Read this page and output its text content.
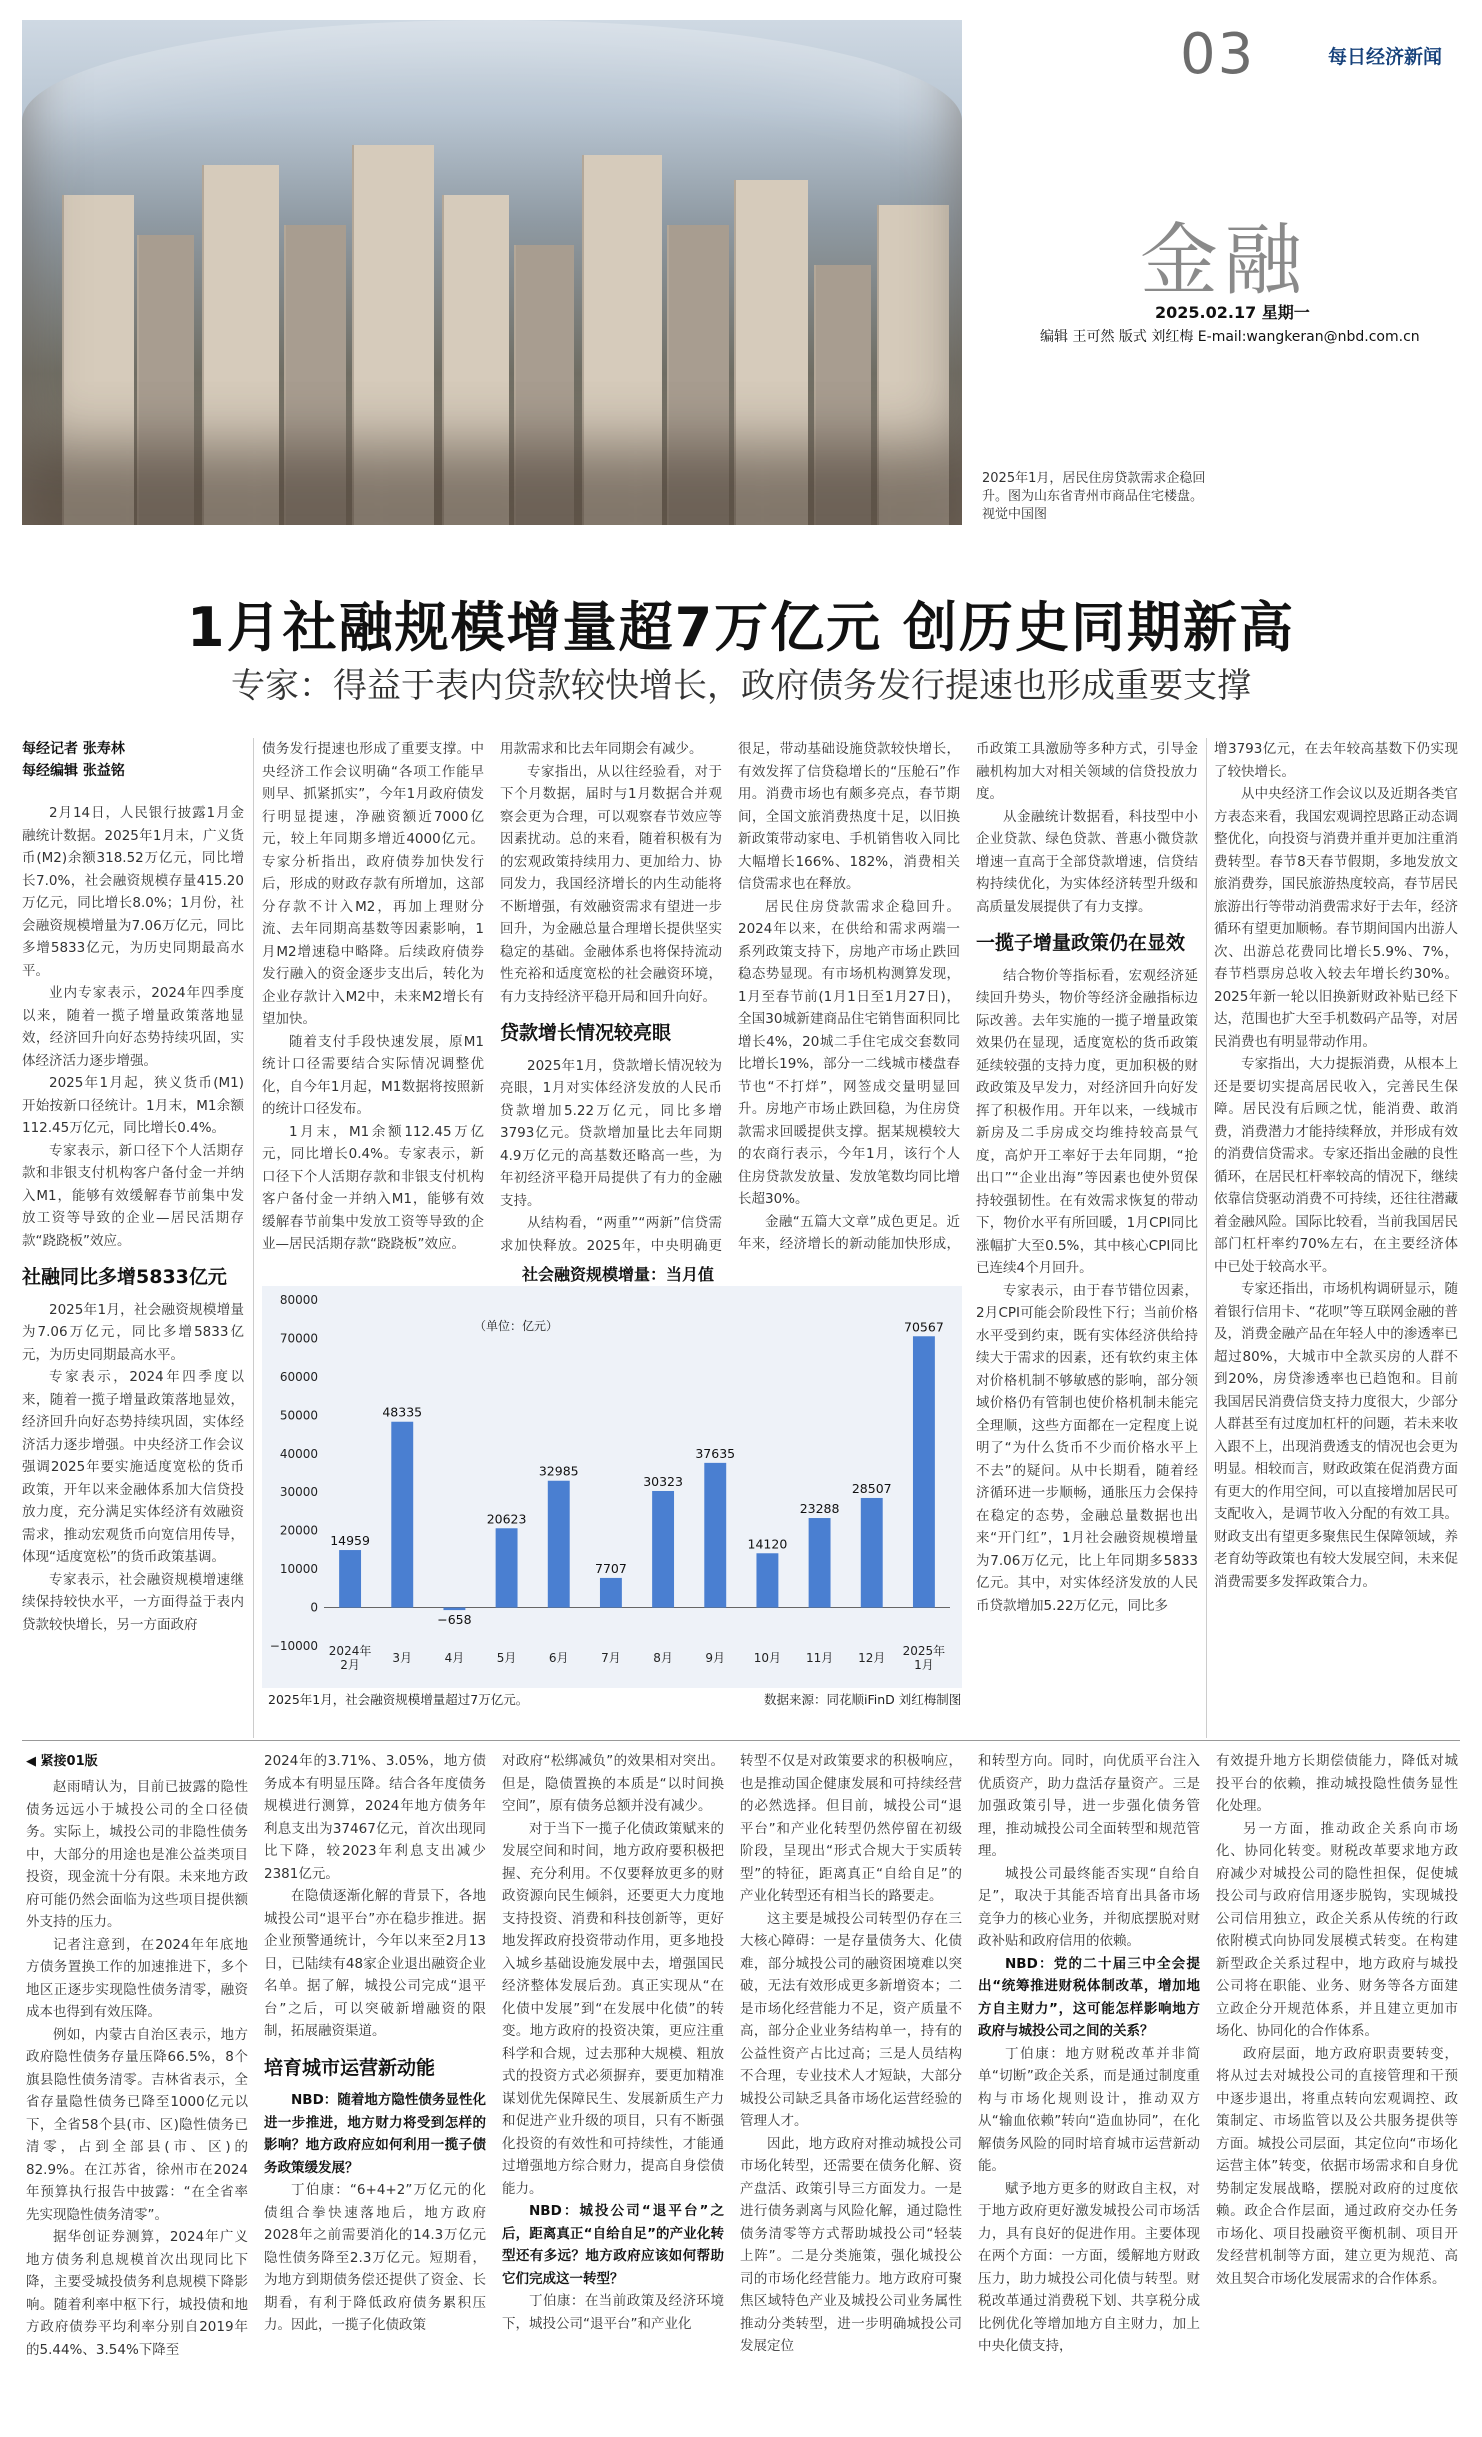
03	每日经济新闻
金融
2025.02.17 星期一
编辑 王可然 版式 刘红梅 E-mail:wangkeran@nbd.com.cn
2025年1月，居民住房贷款需求企稳回升。图为山东省青州市商品住宅楼盘。 视觉中国图
1月社融规模增量超7万亿元 创历史同期新高
专家：得益于表内贷款较快增长，政府债务发行提速也形成重要支撑
每经记者 张寿林
每经编辑 张益铭

2月14日，人民银行披露1月金融统计数据。2025年1月末，广义货币(M2)余额318.52万亿元，同比增长7.0%，社会融资规模存量415.20万亿元，同比增长8.0%；1月份，社会融资规模增量为7.06万亿元，同比多增5833亿元，为历史同期最高水平。

业内专家表示，2024年四季度以来，随着一揽子增量政策落地显效，经济回升向好态势持续巩固，实体经济活力逐步增强。

2025年1月起，狭义货币(M1)开始按新口径统计。1月末，M1余额112.45万亿元，同比增长0.4%。

专家表示，新口径下个人活期存款和非银支付机构客户备付金一并纳入M1，能够有效缓解春节前集中发放工资等导致的企业—居民活期存款“跷跷板”效应。

社融同比多增5833亿元

2025年1月，社会融资规模增量为7.06万亿元，同比多增5833亿元，为历史同期最高水平。

专家表示，2024年四季度以来，随着一揽子增量政策落地显效，经济回升向好态势持续巩固，实体经济活力逐步增强。中央经济工作会议强调2025年要实施适度宽松的货币政策，开年以来金融体系加大信贷投放力度，充分满足实体经济有效融资需求，推动宏观货币向宽信用传导，体现“适度宽松”的货币政策基调。

专家表示，社会融资规模增速继续保持较快水平，一方面得益于表内贷款较快增长，另一方面政府

债务发行提速也形成了重要支撑。中央经济工作会议明确“各项工作能早则早、抓紧抓实”，今年1月政府债发行明显提速，净融资额近7000亿元，较上年同期多增近4000亿元。专家分析指出，政府债券加快发行后，形成的财政存款有所增加，这部分存款不计入M2，再加上理财分流、去年同期高基数等因素影响，1月M2增速稳中略降。后续政府债券发行融入的资金逐步支出后，转化为企业存款计入M2中，未来M2增长有望加快。

随着支付手段快速发展，原M1统计口径需要结合实际情况调整优化，自今年1月起，M1数据将按照新的统计口径发布。

1月末，M1余额112.45万亿元，同比增长0.4%。专家表示，新口径下个人活期存款和非银支付机构客户备付金一并纳入M1，能够有效缓解春节前集中发放工资等导致的企业—居民活期存款“跷跷板”效应。

用款需求和比去年同期会有减少。

专家指出，从以往经验看，对于下个月数据，届时与1月数据合并观察会更为合理，可以观察春节效应等因素扰动。总的来看，随着积极有为的宏观政策持续用力、更加给力、协同发力，我国经济增长的内生动能将不断增强，有效融资需求有望进一步回升，为金融总量合理增长提供坚实稳定的基础。金融体系也将保持流动性充裕和适度宽松的社会融资环境，有力支持经济平稳开局和回升向好。

贷款增长情况较亮眼

2025年1月，贷款增长情况较为亮眼，1月对实体经济发放的人民币贷款增加5.22万亿元，同比多增3793亿元。贷款增加量比去年同期4.9万亿元的高基数还略高一些，为年初经济平稳开局提供了有力的金融支持。

从结构看，“两重”“两新”信贷需求加快释放。2025年，中央明确更

很足，带动基础设施贷款较快增长，有效发挥了信贷稳增长的“压舱石”作用。消费市场也有颇多亮点，春节期间，全国文旅消费热度十足，以旧换新政策带动家电、手机销售收入同比大幅增长166%、182%，消费相关信贷需求也在释放。

居民住房贷款需求企稳回升。2024年以来，在供给和需求两端一系列政策支持下，房地产市场止跌回稳态势显现。有市场机构测算发现，1月至春节前(1月1日至1月27日)，全国30城新建商品住宅销售面积同比增长4%，20城二手住宅成交套数同比增长19%，部分一二线城市楼盘春节也“不打烊”，网签成交量明显回升。房地产市场止跌回稳，为住房贷款需求回暖提供支撑。据某规模较大的农商行表示，今年1月，该行个人住房贷款发放量、发放笔数均同比增长超30%。

金融“五篇大文章”成色更足。近年来，经济增长的新动能加快形成，

币政策工具激励等多种方式，引导金融机构加大对相关领域的信贷投放力度。

从金融统计数据看，科技型中小企业贷款、绿色贷款、普惠小微贷款增速一直高于全部贷款增速，信贷结构持续优化，为实体经济转型升级和高质量发展提供了有力支撑。

一揽子增量政策仍在显效

结合物价等指标看，宏观经济延续回升势头，物价等经济金融指标边际改善。去年实施的一揽子增量政策效果仍在显现，适度宽松的货币政策延续较强的支持力度，更加积极的财政政策及早发力，对经济回升向好发挥了积极作用。开年以来，一线城市新房及二手房成交均维持较高景气度，高炉开工率好于去年同期，“抢出口”“企业出海”等因素也使外贸保持较强韧性。在有效需求恢复的带动下，物价水平有所回暖，1月CPI同比涨幅扩大至0.5%，其中核心CPI同比已连续4个月回升。

专家表示，由于春节错位因素，2月CPI可能会阶段性下行；当前价格水平受到约束，既有实体经济供给持续大于需求的因素，还有软约束主体对价格机制不够敏感的影响，部分领域价格仍有管制也使价格机制未能完全理顺，这些方面都在一定程度上说明了“为什么货币不少而价格水平上不去”的疑问。从中长期看，随着经济循环进一步顺畅，通胀压力会保持在稳定的态势，金融总量数据也出来“开门红”，1月社会融资规模增量为7.06万亿元，比上年同期多5833亿元。其中，对实体经济发放的人民币贷款增加5.22万亿元，同比多

增3793亿元，在去年较高基数下仍实现了较快增长。

从中央经济工作会议以及近期各类官方表态来看，我国宏观调控思路正动态调整优化，向投资与消费并重并更加注重消费转型。春节8天春节假期，多地发放文旅消费券，国民旅游热度较高，春节居民旅游出行等带动消费需求好于去年，经济循环有望更加顺畅。春节期间国内出游人次、出游总花费同比增长5.9%、7%，春节档票房总收入较去年增长约30%。2025年新一轮以旧换新财政补贴已经下达，范围也扩大至手机数码产品等，对居民消费也有明显带动作用。

专家指出，大力提振消费，从根本上还是要切实提高居民收入，完善民生保障。居民没有后顾之忧，能消费、敢消费，消费潜力才能持续释放，并形成有效的消费信贷需求。专家还指出金融的良性循环，在居民杠杆率较高的情况下，继续依靠信贷驱动消费不可持续，还往往潜藏着金融风险。国际比较看，当前我国居民部门杠杆率约70%左右，在主要经济体中已处于较高水平。

专家还指出，市场机构调研显示，随着银行信用卡、“花呗”等互联网金融的普及，消费金融产品在年轻人中的渗透率已超过80%，大城市中全款买房的人群不到20%，房贷渗透率也已趋饱和。目前我国居民消费信贷支持力度很大，少部分人群甚至有过度加杠杆的问题，若未来收入跟不上，出现消费透支的情况也会更为明显。相较而言，财政政策在促消费方面有更大的作用空间，可以直接增加居民可支配收入，是调节收入分配的有效工具。财政支出有望更多聚焦民生保障领域，养老育幼等政策也有较大发展空间，未来促消费需要多发挥政策合力。

社会融资规模增量：当月值
80000
70000
60000
50000
40000
30000
20000
10000
0
−10000
（单位：亿元）
14959
2024年
2月
48335
3月
−658
4月
20623
5月
32985
6月
7707
7月
30323
8月
37635
9月
14120
10月
23288
11月
28507
12月
70567
2025年
1月
2025年1月，社会融资规模增量超过7万亿元。	数据来源：同花顺iFinD 刘红梅制图
◀ 紧接01版

赵雨晴认为，目前已披露的隐性债务远远小于城投公司的全口径债务。实际上，城投公司的非隐性债务中，大部分的用途也是准公益类项目投资，现金流十分有限。未来地方政府可能仍然会面临为这些项目提供额外支持的压力。

记者注意到，在2024年年底地方债务置换工作的加速推进下，多个地区正逐步实现隐性债务清零，融资成本也得到有效压降。

例如，内蒙古自治区表示，地方政府隐性债务存量压降66.5%，8个旗县隐性债务清零。吉林省表示，全省存量隐性债务已降至1000亿元以下，全省58个县(市、区)隐性债务已清零，占到全部县(市、区)的82.9%。在江苏省，徐州市在2024年预算执行报告中披露：“在全省率先实现隐性债务清零”。

据华创证券测算，2024年广义地方债务利息规模首次出现同比下降，主要受城投债务利息规模下降影响。随着利率中枢下行，城投债和地方政府债券平均利率分别自2019年的5.44%、3.54%下降至

2024年的3.71%、3.05%，地方债务成本有明显压降。结合各年度债务规模进行测算，2024年地方债务年利息支出为37467亿元，首次出现同比下降，较2023年利息支出减少2381亿元。

在隐债逐渐化解的背景下，各地城投公司“退平台”亦在稳步推进。据企业预警通统计，今年以来至2月13日，已陆续有48家企业退出融资企业名单。据了解，城投公司完成“退平台”之后，可以突破新增融资的限制，拓展融资渠道。

培育城市运营新动能

NBD：随着地方隐性债务显性化进一步推进，地方财力将受到怎样的影响？地方政府应如何利用一揽子债务政策缓发展？

丁伯康：“6+4+2”万亿元的化债组合拳快速落地后，地方政府2028年之前需要消化的14.3万亿元隐性债务降至2.3万亿元。短期看，为地方到期债务偿还提供了资金、长期看，有利于降低政府债务累积压力。因此，一揽子化债政策

对政府“松绑减负”的效果相对突出。但是，隐债置换的本质是“以时间换空间”，原有债务总额并没有减少。

对于当下一揽子化债政策赋来的发展空间和时间，地方政府要积极把握、充分利用。不仅要释放更多的财政资源向民生倾斜，还要更大力度地支持投资、消费和科技创新等，更好地发挥政府投资带动作用，更多地投入城乡基础设施发展中去，增强国民经济整体发展后劲。真正实现从“在化债中发展”到“在发展中化债”的转变。地方政府的投资决策，更应注重科学和合规，过去那种大规模、粗放式的投资方式必须摒弃，要更加精准谋划优先保障民生、发展新质生产力和促进产业升级的项目，只有不断强化投资的有效性和可持续性，才能通过增强地方综合财力，提高自身偿债能力。

NBD：城投公司“退平台”之后，距离真正“自给自足”的产业化转型还有多远？地方政府应该如何帮助它们完成这一转型？

丁伯康：在当前政策及经济环境下，城投公司“退平台”和产业化

转型不仅是对政策要求的积极响应，也是推动国企健康发展和可持续经营的必然选择。但目前，城投公司“退平台”和产业化转型仍然停留在初级阶段，呈现出“形式合规大于实质转型”的特征，距离真正“自给自足”的产业化转型还有相当长的路要走。

这主要是城投公司转型仍存在三大核心障碍：一是存量债务大、化债难，部分城投公司的融资困境难以突破，无法有效形成更多新增资本；二是市场化经营能力不足，资产质量不高，部分企业业务结构单一，持有的公益性资产占比过高；三是人员结构不合理，专业技术人才短缺，大部分城投公司缺乏具备市场化运营经验的管理人才。

因此，地方政府对推动城投公司市场化转型，还需要在债务化解、资产盘活、政策引导三方面发力。一是进行债务剥离与风险化解，通过隐性债务清零等方式帮助城投公司“轻装上阵”。二是分类施策，强化城投公司的市场化经营能力。地方政府可聚焦区域特色产业及城投公司业务属性推动分类转型，进一步明确城投公司发展定位

和转型方向。同时，向优质平台注入优质资产，助力盘活存量资产。三是加强政策引导，进一步强化债务管理，推动城投公司全面转型和规范管理。

城投公司最终能否实现“自给自足”，取决于其能否培育出具备市场竞争力的核心业务，并彻底摆脱对财政补贴和政府信用的依赖。

NBD：党的二十届三中全会提出“统筹推进财税体制改革，增加地方自主财力”，这可能怎样影响地方政府与城投公司之间的关系？

丁伯康：地方财税改革并非简单“切断”政企关系，而是通过制度重构与市场化规则设计，推动双方从“输血依赖”转向“造血协同”，在化解债务风险的同时培育城市运营新动能。

赋予地方更多的财政自主权，对于地方政府更好激发城投公司市场活力，具有良好的促进作用。主要体现在两个方面：一方面，缓解地方财政压力，助力城投公司化债与转型。财税改革通过消费税下划、共享税分成比例优化等增加地方自主财力，加上中央化债支持，

有效提升地方长期偿债能力，降低对城投平台的依赖，推动城投隐性债务显性化处理。

另一方面，推动政企关系向市场化、协同化转变。财税改革要求地方政府减少对城投公司的隐性担保，促使城投公司与政府信用逐步脱钩，实现城投公司信用独立，政企关系从传统的行政依附模式向协同发展模式转变。在构建新型政企关系过程中，地方政府与城投公司将在职能、业务、财务等各方面建立政企分开规范体系，并且建立更加市场化、协同化的合作体系。

政府层面，地方政府职责要转变，将从过去对城投公司的直接管理和干预中逐步退出，将重点转向宏观调控、政策制定、市场监管以及公共服务提供等方面。城投公司层面，其定位向“市场化运营主体”转变，依据市场需求和自身优势制定发展战略，摆脱对政府的过度依赖。政企合作层面，通过政府交办任务市场化、项目投融资平衡机制、项目开发经营机制等方面，建立更为规范、高效且契合市场化发展需求的合作体系。
